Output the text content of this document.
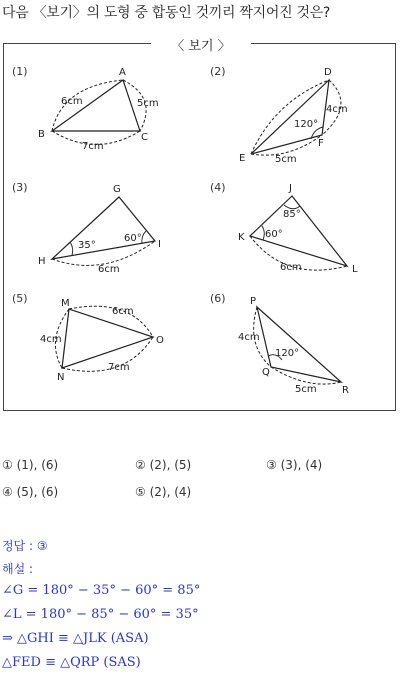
다음 〈보기〉의 도형 중 합동인 것끼리 짝지어진 것은?
〈 보기 〉
(1)	(2)
(3)	(4)
(5)	(6)
A
B	C
6cm	5cm
7cm
D
E
F
4cm
120°
5cm
G
H
I
35°
60°
6cm
J
K
L
85°
60°
6cm
M
N
O
6cm
4cm
7cm
P
Q
R
4cm
120°
5cm
① (1), (6)	② (2), (5)	③ (3), (4)
④ (5), (6)	⑤ (2), (4)
정답 : ③
해설 :
∠G = 180° − 35° − 60° = 85°
∠L = 180° − 85° − 60° = 35°
⇒ △GHI ≡ △JLK (ASA)
△FED ≡ △QRP (SAS)
